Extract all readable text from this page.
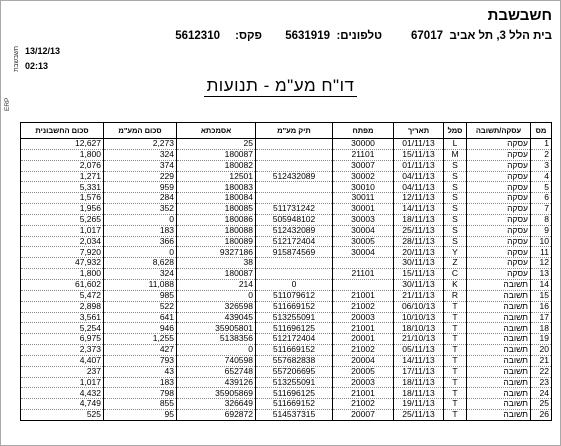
חשבשבת
בית הלל 3, תל אביב
67017
טלפונים:
5631919
פקס:
5612310
ERP
חשבשבת 13/12/13
02:13
דו"ח מע"מ - תנועות
מס	עסקה/תשובה	סמל	תאריך	מפתח	תיק מע"מ	אסמכתא	סכום המע"מ	סכום החשבונית
1	עסקה	L	01/11/13	30000		25	2,273	12,627
2	עסקה	M	15/11/13	21101		180087	324	1,800
3	עסקה	S	01/11/13	30007		180082	374	2,076
4	עסקה	S	04/11/13	30002	512432089	12501	229	1,271
5	עסקה	S	04/11/13	30010		180083	959	5,331
6	עסקה	S	12/11/13	30011		180084	284	1,576
7	עסקה	S	14/11/13	30001	511731242	180085	352	1,956
8	עסקה	S	18/11/13	30003	505948102	180086	0	5,265
9	עסקה	S	25/11/13	30004	512432089	180088	183	1,017
10	עסקה	S	28/11/13	30005	512172404	180089	366	2,034
11	עסקה	Y	20/11/13	30004	915874569	9327186	0	7,920
12	עסקה	Z	30/11/13			38	8,628	47,932
13	עסקה	C	15/11/13	21101		180087	324	1,800
14	תשובה	K	30/11/13		0	214	11,088	61,602
15	תשובה	R	21/11/13	21001	511079612	0	985	5,472
16	תשובה	T	06/10/13	21002	511669152	326598	522	2,898
17	תשובה	T	10/10/13	20003	513255091	439045	641	3,561
18	תשובה	T	18/10/13	21001	511696125	35905801	946	5,254
19	תשובה	T	21/10/13	20001	512172404	5138356	1,255	6,975
20	תשובה	T	05/11/13	21002	511669152	0	427	2,373
21	תשובה	T	14/11/13	20004	557682838	740598	793	4,407
22	תשובה	T	17/11/13	20005	557206695	652748	43	237
23	תשובה	T	18/11/13	20003	513255091	439126	183	1,017
24	תשובה	T	18/11/13	21001	511696125	35905869	798	4,432
25	תשובה	T	19/11/13	21002	511669152	326649	855	4,749
26	תשובה	T	25/11/13	20007	514537315	692872	95	525
